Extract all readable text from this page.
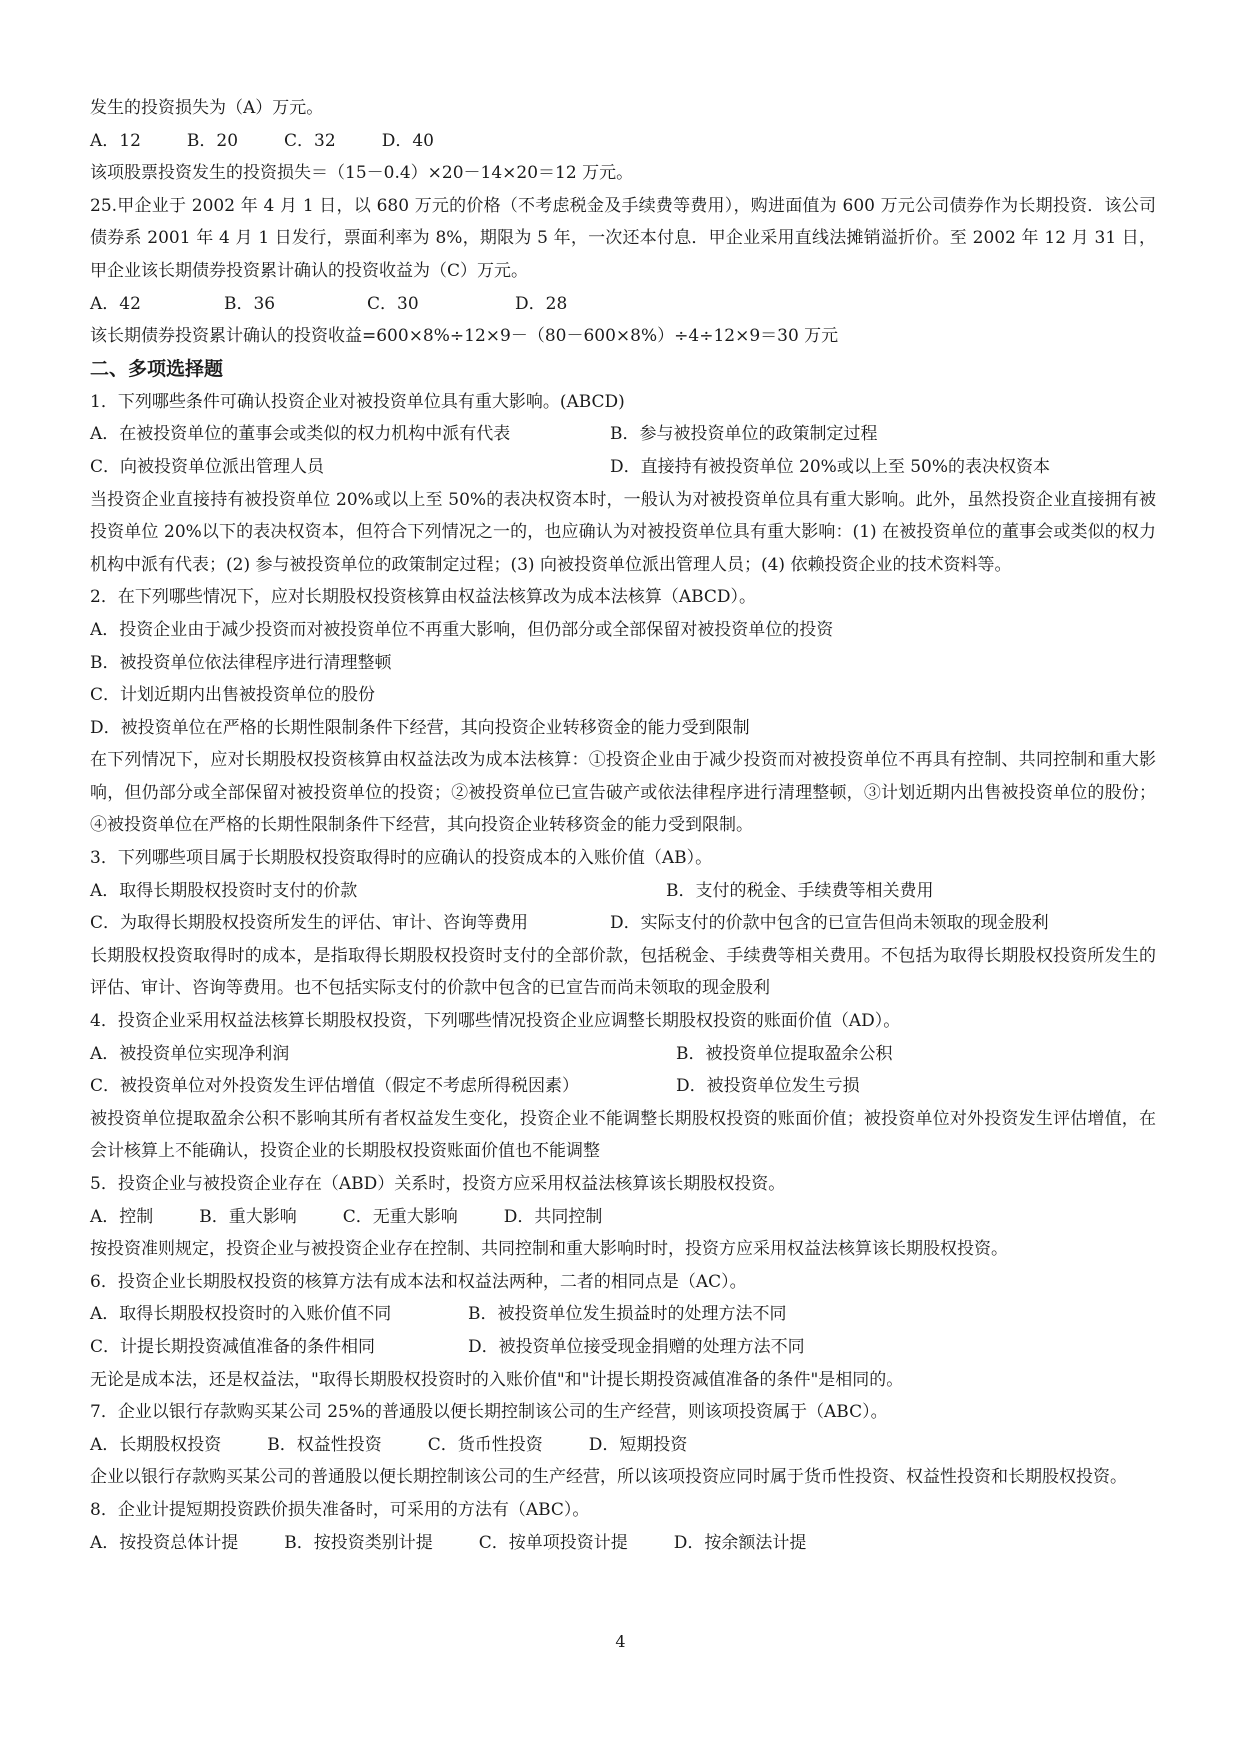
发生的投资损失为（A）万元。
A．12	B．20	C．32	D．40
该项股票投资发生的投资损失＝（15－0.4）×20－14×20＝12 万元。
25.甲企业于 2002 年 4 月 1 日，以 680 万元的价格（不考虑税金及手续费等费用），购进面值为 600 万元公司债券作为长期投资．该公司债券系 2001 年 4 月 1 日发行，票面利率为 8%，期限为 5 年，一次还本付息．甲企业采用直线法摊销溢折价。至 2002 年 12 月 31 日，甲企业该长期债券投资累计确认的投资收益为（C）万元。
A．42	B．36	C．30	D．28
该长期债券投资累计确认的投资收益=600×8%÷12×9－（80－600×8%）÷4÷12×9＝30 万元
二、多项选择题
1．下列哪些条件可确认投资企业对被投资单位具有重大影响。(ABCD)
A．在被投资单位的董事会或类似的权力机构中派有代表	B．参与被投资单位的政策制定过程
C．向被投资单位派出管理人员	D．直接持有被投资单位 20%或以上至 50%的表决权资本
当投资企业直接持有被投资单位 20%或以上至 50%的表决权资本时，一般认为对被投资单位具有重大影响。此外，虽然投资企业直接拥有被投资单位 20%以下的表决权资本，但符合下列情况之一的，也应确认为对被投资单位具有重大影响：(1) 在被投资单位的董事会或类似的权力机构中派有代表；(2) 参与被投资单位的政策制定过程；(3) 向被投资单位派出管理人员；(4) 依赖投资企业的技术资料等。
2．在下列哪些情况下，应对长期股权投资核算由权益法核算改为成本法核算（ABCD）。
A．投资企业由于减少投资而对被投资单位不再重大影响，但仍部分或全部保留对被投资单位的投资
B．被投资单位依法律程序进行清理整顿
C．计划近期内出售被投资单位的股份
D．被投资单位在严格的长期性限制条件下经营，其向投资企业转移资金的能力受到限制
在下列情况下，应对长期股权投资核算由权益法改为成本法核算：①投资企业由于减少投资而对被投资单位不再具有控制、共同控制和重大影响，但仍部分或全部保留对被投资单位的投资；②被投资单位已宣告破产或依法律程序进行清理整顿，③计划近期内出售被投资单位的股份；④被投资单位在严格的长期性限制条件下经营，其向投资企业转移资金的能力受到限制。
3．下列哪些项目属于长期股权投资取得时的应确认的投资成本的入账价值（AB）。
A．取得长期股权投资时支付的价款	B．支付的税金、手续费等相关费用
C．为取得长期股权投资所发生的评估、审计、咨询等费用	D．实际支付的价款中包含的已宣告但尚未领取的现金股利
长期股权投资取得时的成本，是指取得长期股权投资时支付的全部价款，包括税金、手续费等相关费用。不包括为取得长期股权投资所发生的评估、审计、咨询等费用。也不包括实际支付的价款中包含的已宣告而尚未领取的现金股利
4．投资企业采用权益法核算长期股权投资，下列哪些情况投资企业应调整长期股权投资的账面价值（AD）。
A．被投资单位实现净利润	B．被投资单位提取盈余公积
C．被投资单位对外投资发生评估增值（假定不考虑所得税因素）	D．被投资单位发生亏损
被投资单位提取盈余公积不影响其所有者权益发生变化，投资企业不能调整长期股权投资的账面价值；被投资单位对外投资发生评估增值，在会计核算上不能确认，投资企业的长期股权投资账面价值也不能调整
5．投资企业与被投资企业存在（ABD）关系时，投资方应采用权益法核算该长期股权投资。
A．控制	B．重大影响	C．无重大影响	D．共同控制
按投资准则规定，投资企业与被投资企业存在控制、共同控制和重大影响时时，投资方应采用权益法核算该长期股权投资。
6．投资企业长期股权投资的核算方法有成本法和权益法两种，二者的相同点是（AC）。
A．取得长期股权投资时的入账价值不同	B．被投资单位发生损益时的处理方法不同
C．计提长期投资减值准备的条件相同	D．被投资单位接受现金捐赠的处理方法不同
无论是成本法，还是权益法，"取得长期股权投资时的入账价值"和"计提长期投资减值准备的条件"是相同的。
7．企业以银行存款购买某公司 25%的普通股以便长期控制该公司的生产经营，则该项投资属于（ABC）。
A．长期股权投资	B．权益性投资	C．货币性投资	D．短期投资
企业以银行存款购买某公司的普通股以便长期控制该公司的生产经营，所以该项投资应同时属于货币性投资、权益性投资和长期股权投资。
8．企业计提短期投资跌价损失准备时，可采用的方法有（ABC）。
A．按投资总体计提	B．按投资类别计提	C．按单项投资计提	D．按余额法计提
4
